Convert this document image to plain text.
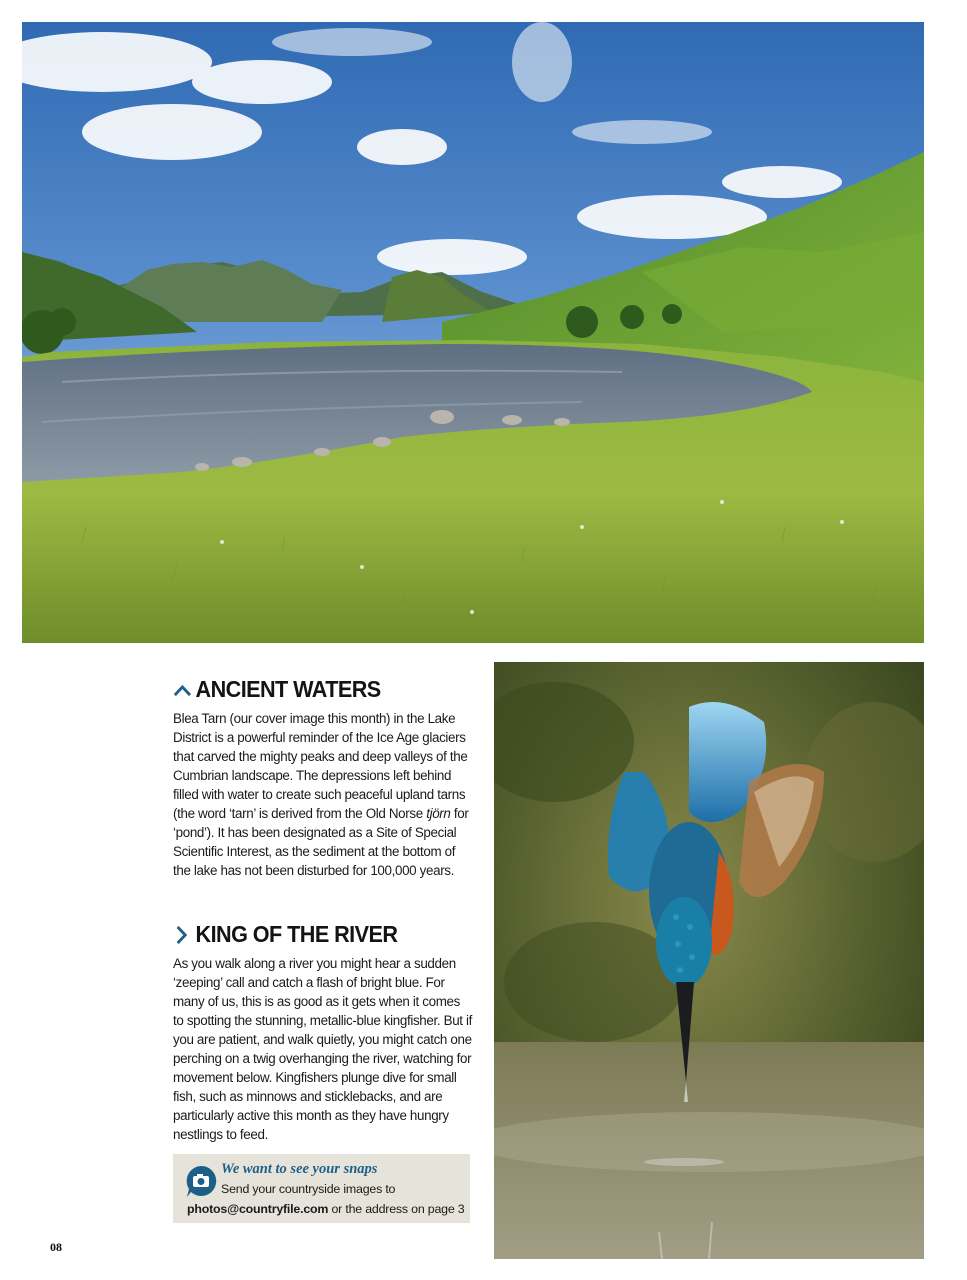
ANCIENT WATERS

Blea Tarn (our cover image this month) in the Lake District is a powerful reminder of the Ice Age glaciers that carved the mighty peaks and deep valleys of the Cumbrian landscape. The depressions left behind filled with water to create such peaceful upland tarns (the word ‘tarn’ is derived from the Old Norse tjörn for ‘pond’). It has been designated as a Site of Special Scientific Interest, as the sediment at the bottom of the lake has not been disturbed for 100,000 years.

KING OF THE RIVER

As you walk along a river you might hear a sudden ‘zeeping’ call and catch a flash of bright blue. For many of us, this is as good as it gets when it comes to spotting the stunning, metallic-blue kingfisher. But if you are patient, and walk quietly, you might catch one perching on a twig overhanging the river, watching for movement below. Kingfishers plunge dive for small fish, such as minnows and sticklebacks, and are particularly active this month as they have hungry nestlings to feed.

We want to see your snaps
Send your countryside images to
photos@countryfile.com or the address on page 3
08
